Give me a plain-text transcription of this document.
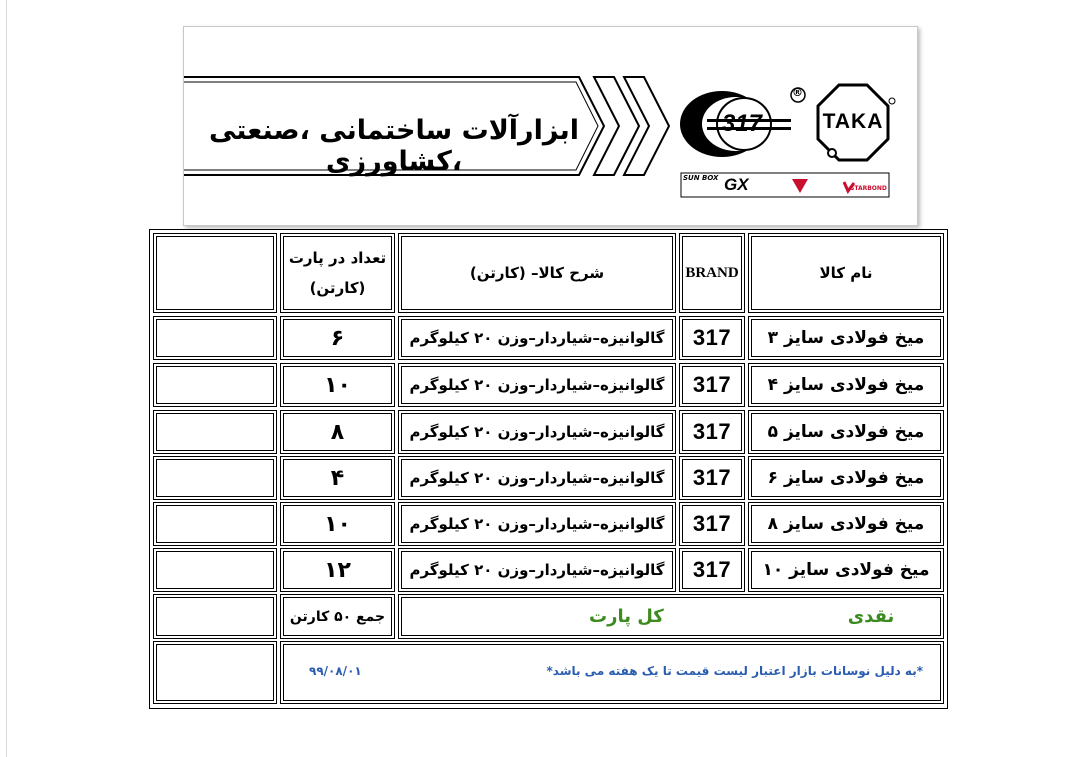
ابزارآلات ساختمانی ،صنعتی ،کشاورزی
317
®
TAKA
SUN BOX GX	STARBOND
تعداد در پارت
(کارتن)
شرح کالا– (کارتن)	BRAND	نام کالا
۶	گالوانیزه–شیاردار–وزن ۲۰ کیلوگرم	317	میخ فولادی سایز ۳
۱۰	گالوانیزه–شیاردار–وزن ۲۰ کیلوگرم	317	میخ فولادی سایز ۴
۸	گالوانیزه–شیاردار–وزن ۲۰ کیلوگرم	317	میخ فولادی سایز ۵
۴	گالوانیزه–شیاردار–وزن ۲۰ کیلوگرم	317	میخ فولادی سایز ۶
۱۰	گالوانیزه–شیاردار–وزن ۲۰ کیلوگرم	317	میخ فولادی سایز ۸
۱۲	گالوانیزه–شیاردار–وزن ۲۰ کیلوگرم	317	میخ فولادی سایز ۱۰
جمع ۵۰ کارتن	کل پارت	نقدی
۹۹/۰۸/۰۱	*به دلیل نوسانات بازار اعتبار لیست قیمت تا یک هفته می باشد*
